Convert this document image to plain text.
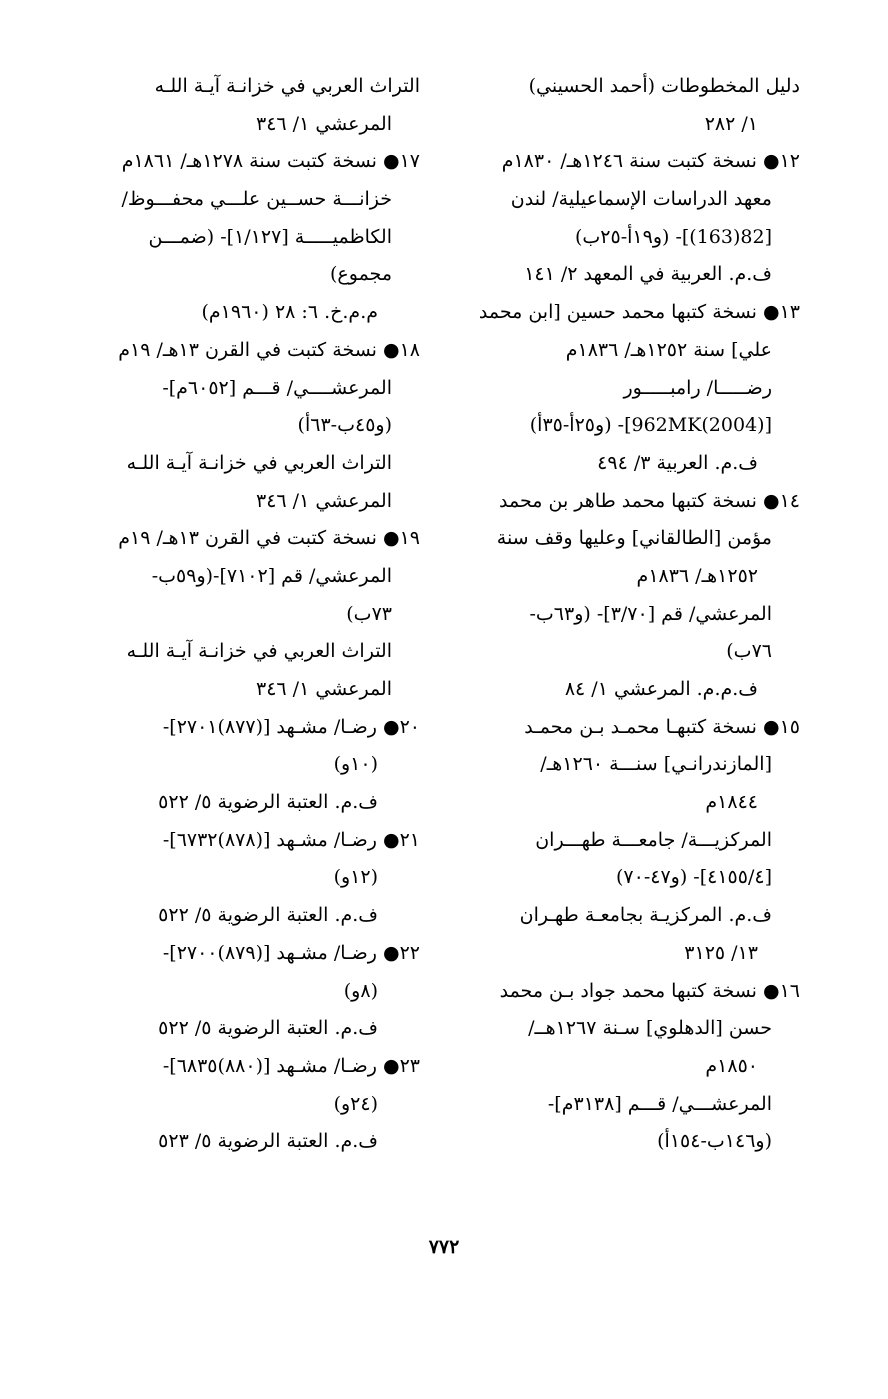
دليل المخطوطات (أحمد الحسيني)
١/ ٢٨٢
١٢● نسخة كتبت سنة ١٢٤٦هـ/ ١٨٣٠م
معهد الدراسات الإسماعيلية/ لندن
[82(163)]- (و١٩أ-٢٥ب)
ف.م. العربية في المعهد ٢/ ١٤١
١٣● نسخة كتبها محمد حسين [ابن محمد
علي] سنة ١٢٥٢هـ/ ١٨٣٦م
رضـــــا/ رامبـــــور
[962MK(2004)]- (و٢٥أ-٣٥أ)
ف.م. العربية ٣/ ٤٩٤
١٤● نسخة كتبها محمد طاهر بن محمد
مؤمن [الطالقاني] وعليها وقف سنة
١٢٥٢هـ/ ١٨٣٦م
المرعشي/ قم [٣/٧٠]- (و٦٣ب-
٧٦ب)
ف.م.م. المرعشي ١/ ٨٤
١٥● نسخة كتبهـا محمـد بـن محمـد
[المازندرانـي] سنـــة ١٢٦٠هـ/
١٨٤٤م
المركزيـــة/ جامعـــة طهـــران
[٤١٥٥/٤]- (و٤٧-٧٠)
ف.م. المركزيـة بجامعـة طهـران
١٣/ ٣١٢٥
١٦● نسخة كتبها محمد جواد بـن محمد
حسن [الدهلوي] سـنة ١٢٦٧هــ/
١٨٥٠م
المرعشـــي/ قـــم [٣١٣٨م]-
(و١٤٦ب-١٥٤أ)
التراث العربي في خزانـة آيـة اللـه
المرعشي ١/ ٣٤٦
١٧● نسخة كتبت سنة ١٢٧٨هـ/ ١٨٦١م
خزانـــة حســين علـــي محفـــوظ/
الكاظميـــــة [١/١٢٧]- (ضمـــن
مجموع)
م.م.خ. ٦: ٢٨ (١٩٦٠م)
١٨● نسخة كتبت في القرن ١٣هـ/ ١٩م
المرعشــــي/ قـــم [٦٠٥٢م]-
(و٤٥ب-٦٣أ)
التراث العربي في خزانـة آيـة اللـه
المرعشي ١/ ٣٤٦
١٩● نسخة كتبت في القرن ١٣هـ/ ١٩م
المرعشي/ قم [٧١٠٢]-(و٥٩ب-
٧٣ب)
التراث العربي في خزانـة آيـة اللـه
المرعشي ١/ ٣٤٦
٢٠● رضـا/ مشـهد [(٨٧٧)٢٧٠١]-
(١٠و)
ف.م. العتبة الرضوية ٥/ ٥٢٢
٢١● رضـا/ مشـهد [(٨٧٨)٦٧٣٢]-
(١٢و)
ف.م. العتبة الرضوية ٥/ ٥٢٢
٢٢● رضـا/ مشـهد [(٨٧٩)٢٧٠٠]-
(٨و)
ف.م. العتبة الرضوية ٥/ ٥٢٢
٢٣● رضـا/ مشـهد [(٨٨٠)٦٨٣٥]-
(٢٤و)
ف.م. العتبة الرضوية ٥/ ٥٢٣
٧٧٢
